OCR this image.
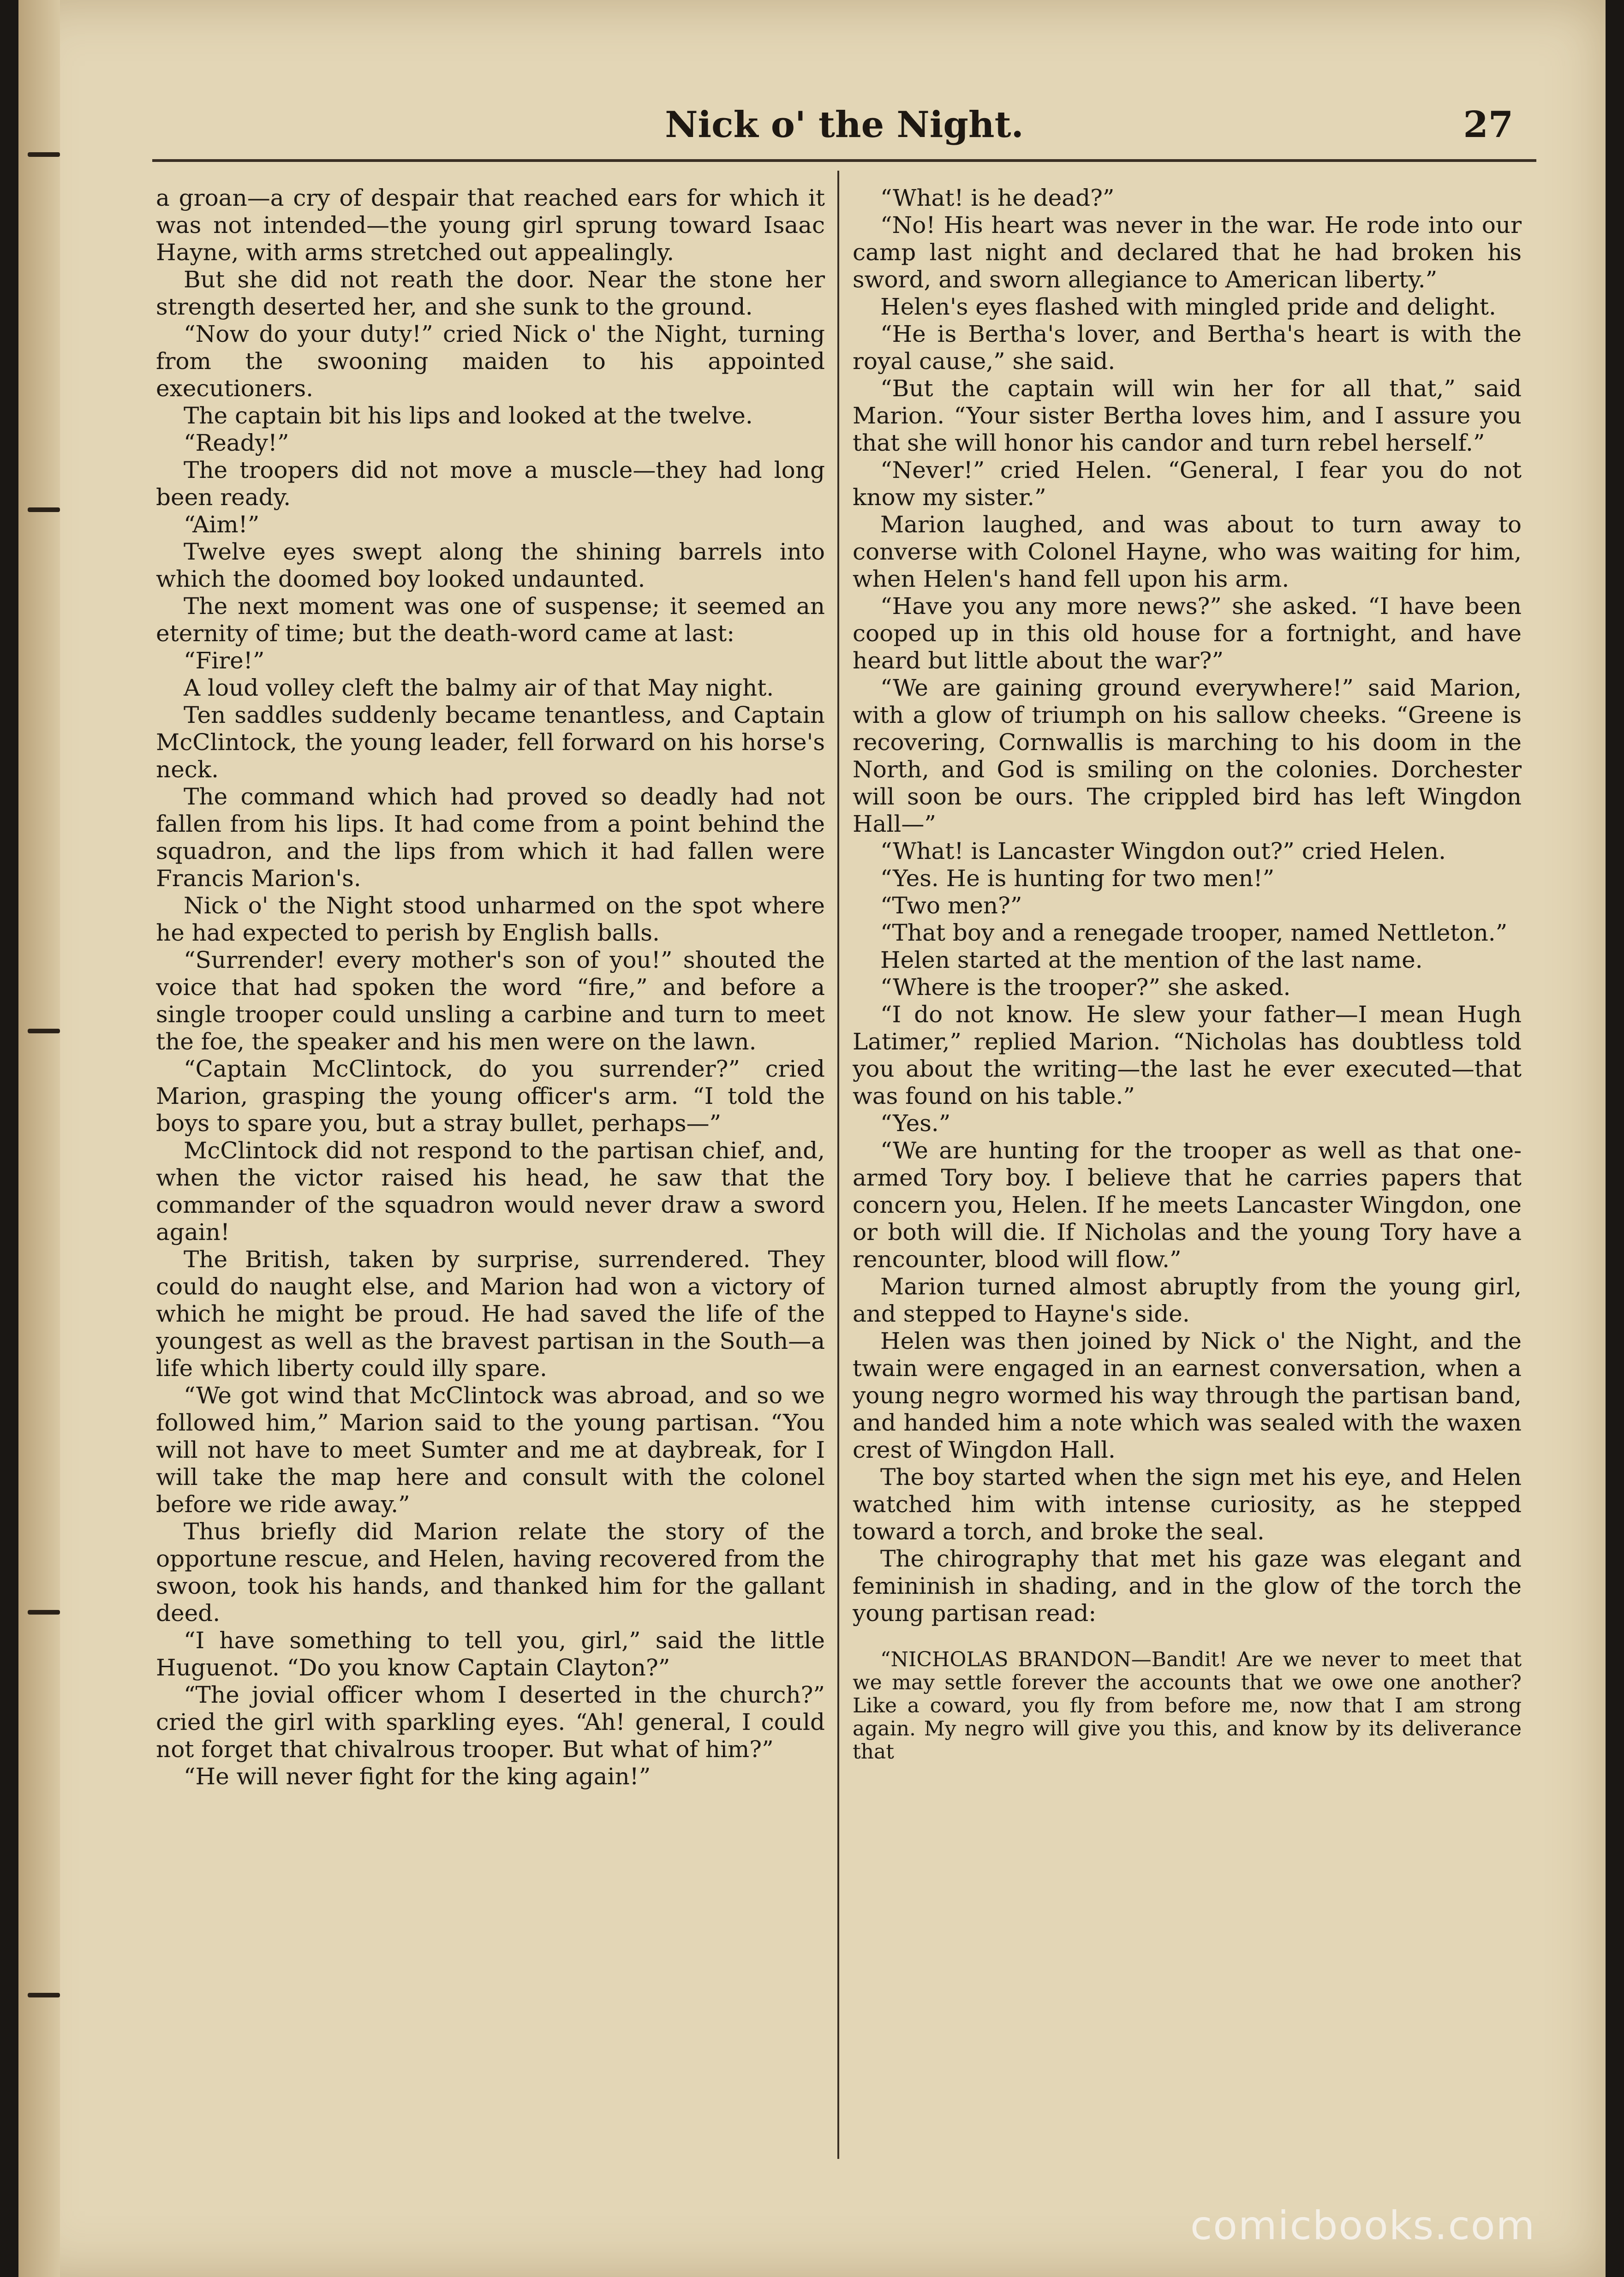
Nick o' the Night.	27

a groan—a cry of despair that reached ears for which it was not intended—the young girl sprung toward Isaac Hayne, with arms stretched out appealingly.

But she did not reath the door. Near the stone her strength deserted her, and she sunk to the ground.

“Now do your duty!” cried Nick o' the Night, turning from the swooning maiden to his appointed executioners.

The captain bit his lips and looked at the twelve.

“Ready!”

The troopers did not move a muscle—they had long been ready.

“Aim!”

Twelve eyes swept along the shining barrels into which the doomed boy looked undaunted.

The next moment was one of suspense; it seemed an eternity of time; but the death-word came at last:

“Fire!”

A loud volley cleft the balmy air of that May night.

Ten saddles suddenly became tenantless, and Captain McClintock, the young leader, fell forward on his horse's neck.

The command which had proved so deadly had not fallen from his lips. It had come from a point behind the squadron, and the lips from which it had fallen were Francis Marion's.

Nick o' the Night stood unharmed on the spot where he had expected to perish by English balls.

“Surrender! every mother's son of you!” shouted the voice that had spoken the word “fire,” and before a single trooper could unsling a carbine and turn to meet the foe, the speaker and his men were on the lawn.

“Captain McClintock, do you surrender?” cried Marion, grasping the young officer's arm. “I told the boys to spare you, but a stray bullet, perhaps—”

McClintock did not respond to the partisan chief, and, when the victor raised his head, he saw that the commander of the squadron would never draw a sword again!

The British, taken by surprise, surrendered. They could do naught else, and Marion had won a victory of which he might be proud. He had saved the life of the youngest as well as the bravest partisan in the South—a life which liberty could illy spare.

“We got wind that McClintock was abroad, and so we followed him,” Marion said to the young partisan. “You will not have to meet Sumter and me at daybreak, for I will take the map here and consult with the colonel before we ride away.”

Thus briefly did Marion relate the story of the opportune rescue, and Helen, having recovered from the swoon, took his hands, and thanked him for the gallant deed.

“I have something to tell you, girl,” said the little Huguenot. “Do you know Captain Clayton?”

“The jovial officer whom I deserted in the church?” cried the girl with sparkling eyes. “Ah! general, I could not forget that chivalrous trooper. But what of him?”

“He will never fight for the king again!”

“What! is he dead?”

“No! His heart was never in the war. He rode into our camp last night and declared that he had broken his sword, and sworn allegiance to American liberty.”

Helen's eyes flashed with mingled pride and delight.

“He is Bertha's lover, and Bertha's heart is with the royal cause,” she said.

“But the captain will win her for all that,” said Marion. “Your sister Bertha loves him, and I assure you that she will honor his candor and turn rebel herself.”

“Never!” cried Helen. “General, I fear you do not know my sister.”

Marion laughed, and was about to turn away to converse with Colonel Hayne, who was waiting for him, when Helen's hand fell upon his arm.

“Have you any more news?” she asked. “I have been cooped up in this old house for a fortnight, and have heard but little about the war?”

“We are gaining ground everywhere!” said Marion, with a glow of triumph on his sallow cheeks. “Greene is recovering, Cornwallis is marching to his doom in the North, and God is smiling on the colonies. Dorchester will soon be ours. The crippled bird has left Wingdon Hall—”

“What! is Lancaster Wingdon out?” cried Helen.

“Yes. He is hunting for two men!”

“Two men?”

“That boy and a renegade trooper, named Nettleton.”

Helen started at the mention of the last name.

“Where is the trooper?” she asked.

“I do not know. He slew your father—I mean Hugh Latimer,” replied Marion. “Nicholas has doubtless told you about the writing—the last he ever executed—that was found on his table.”

“Yes.”

“We are hunting for the trooper as well as that one-armed Tory boy. I believe that he carries papers that concern you, Helen. If he meets Lancaster Wingdon, one or both will die. If Nicholas and the young Tory have a rencounter, blood will flow.”

Marion turned almost abruptly from the young girl, and stepped to Hayne's side.

Helen was then joined by Nick o' the Night, and the twain were engaged in an earnest conversation, when a young negro wormed his way through the partisan band, and handed him a note which was sealed with the waxen crest of Wingdon Hall.

The boy started when the sign met his eye, and Helen watched him with intense curiosity, as he stepped toward a torch, and broke the seal.

The chirography that met his gaze was elegant and femininish in shading, and in the glow of the torch the young partisan read:

“NICHOLAS BRANDON—Bandit! Are we never to meet that we may settle forever the accounts that we owe one another? Like a coward, you fly from before me, now that I am strong again. My negro will give you this, and know by its deliverance that

comicbooks.com
